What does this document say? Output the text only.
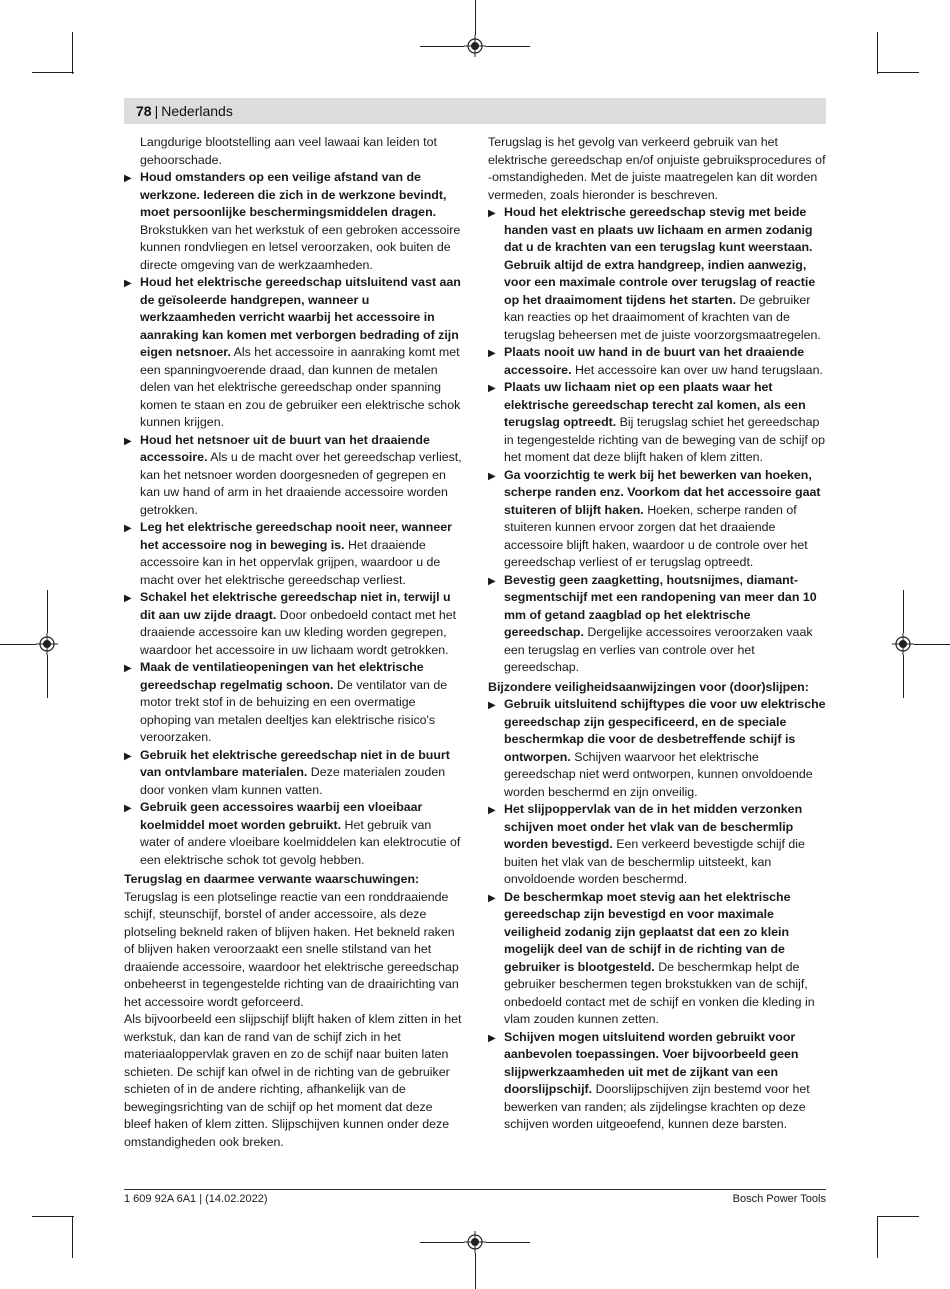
78 | Nederlands

Langdurige blootstelling aan veel lawaai kan leiden tot gehoorschade.

▶ Houd omstanders op een veilige afstand van de werkzone. Iedereen die zich in de werkzone bevindt, moet persoonlijke beschermingsmiddelen dragen. Brokstukken van het werkstuk of een gebroken accessoire kunnen rondvliegen en letsel veroorzaken, ook buiten de directe omgeving van de werkzaamheden.

▶ Houd het elektrische gereedschap uitsluitend vast aan de geïsoleerde handgrepen, wanneer u werkzaamheden verricht waarbij het accessoire in aanraking kan komen met verborgen bedrading of zijn eigen netsnoer. Als het accessoire in aanraking komt met een spanningvoerende draad, dan kunnen de metalen delen van het elektrische gereedschap onder spanning komen te staan en zou de gebruiker een elektrische schok kunnen krijgen.

▶ Houd het netsnoer uit de buurt van het draaiende accessoire. Als u de macht over het gereedschap verliest, kan het netsnoer worden doorgesneden of gegrepen en kan uw hand of arm in het draaiende accessoire worden getrokken.

▶ Leg het elektrische gereedschap nooit neer, wanneer het accessoire nog in beweging is. Het draaiende accessoire kan in het oppervlak grijpen, waardoor u de macht over het elektrische gereedschap verliest.

▶ Schakel het elektrische gereedschap niet in, terwijl u dit aan uw zijde draagt. Door onbedoeld contact met het draaiende accessoire kan uw kleding worden gegrepen, waardoor het accessoire in uw lichaam wordt getrokken.

▶ Maak de ventilatieopeningen van het elektrische gereedschap regelmatig schoon. De ventilator van de motor trekt stof in de behuizing en een overmatige ophoping van metalen deeltjes kan elektrische risico's veroorzaken.

▶ Gebruik het elektrische gereedschap niet in de buurt van ontvlambare materialen. Deze materialen zouden door vonken vlam kunnen vatten.

▶ Gebruik geen accessoires waarbij een vloeibaar koelmiddel moet worden gebruikt. Het gebruik van water of andere vloeibare koelmiddelen kan elektrocutie of een elektrische schok tot gevolg hebben.

Terugslag en daarmee verwante waarschuwingen:

Terugslag is een plotselinge reactie van een ronddraaiende schijf, steunschijf, borstel of ander accessoire, als deze plotseling bekneld raken of blijven haken. Het bekneld raken of blijven haken veroorzaakt een snelle stilstand van het draaiende accessoire, waardoor het elektrische gereedschap onbeheerst in tegengestelde richting van de draairichting van het accessoire wordt geforceerd.

Als bijvoorbeeld een slijpschijf blijft haken of klem zitten in het werkstuk, dan kan de rand van de schijf zich in het materiaaloppervlak graven en zo de schijf naar buiten laten schieten. De schijf kan ofwel in de richting van de gebruiker schieten of in de andere richting, afhankelijk van de bewegingsrichting van de schijf op het moment dat deze bleef haken of klem zitten. Slijpschijven kunnen onder deze omstandigheden ook breken.

Terugslag is het gevolg van verkeerd gebruik van het elektrische gereedschap en/of onjuiste gebruiksprocedures of -omstandigheden. Met de juiste maatregelen kan dit worden vermeden, zoals hieronder is beschreven.

▶ Houd het elektrische gereedschap stevig met beide handen vast en plaats uw lichaam en armen zodanig dat u de krachten van een terugslag kunt weerstaan. Gebruik altijd de extra handgreep, indien aanwezig, voor een maximale controle over terugslag of reactie op het draaimoment tijdens het starten. De gebruiker kan reacties op het draaimoment of krachten van de terugslag beheersen met de juiste voorzorgsmaatregelen.

▶ Plaats nooit uw hand in de buurt van het draaiende accessoire. Het accessoire kan over uw hand terugslaan.

▶ Plaats uw lichaam niet op een plaats waar het elektrische gereedschap terecht zal komen, als een terugslag optreedt. Bij terugslag schiet het gereedschap in tegengestelde richting van de beweging van de schijf op het moment dat deze blijft haken of klem zitten.

▶ Ga voorzichtig te werk bij het bewerken van hoeken, scherpe randen enz. Voorkom dat het accessoire gaat stuiteren of blijft haken. Hoeken, scherpe randen of stuiteren kunnen ervoor zorgen dat het draaiende accessoire blijft haken, waardoor u de controle over het gereedschap verliest of er terugslag optreedt.

▶ Bevestig geen zaagketting, houtsnijmes, diamant-segmentschijf met een randopening van meer dan 10 mm of getand zaagblad op het elektrische gereedschap. Dergelijke accessoires veroorzaken vaak een terugslag en verlies van controle over het gereedschap.

Bijzondere veiligheidsaanwijzingen voor (door)slijpen:

▶ Gebruik uitsluitend schijftypes die voor uw elektrische gereedschap zijn gespecificeerd, en de speciale beschermkap die voor de desbetreffende schijf is ontworpen. Schijven waarvoor het elektrische gereedschap niet werd ontworpen, kunnen onvoldoende worden beschermd en zijn onveilig.

▶ Het slijpoppervlak van de in het midden verzonken schijven moet onder het vlak van de beschermlip worden bevestigd. Een verkeerd bevestigde schijf die buiten het vlak van de beschermlip uitsteekt, kan onvoldoende worden beschermd.

▶ De beschermkap moet stevig aan het elektrische gereedschap zijn bevestigd en voor maximale veiligheid zodanig zijn geplaatst dat een zo klein mogelijk deel van de schijf in de richting van de gebruiker is blootgesteld. De beschermkap helpt de gebruiker beschermen tegen brokstukken van de schijf, onbedoeld contact met de schijf en vonken die kleding in vlam zouden kunnen zetten.

▶ Schijven mogen uitsluitend worden gebruikt voor aanbevolen toepassingen. Voer bijvoorbeeld geen slijpwerkzaamheden uit met de zijkant van een doorslijpschijf. Doorslijpschijven zijn bestemd voor het bewerken van randen; als zijdelingse krachten op deze schijven worden uitgeoefend, kunnen deze barsten.

1 609 92A 6A1 | (14.02.2022)	Bosch Power Tools
